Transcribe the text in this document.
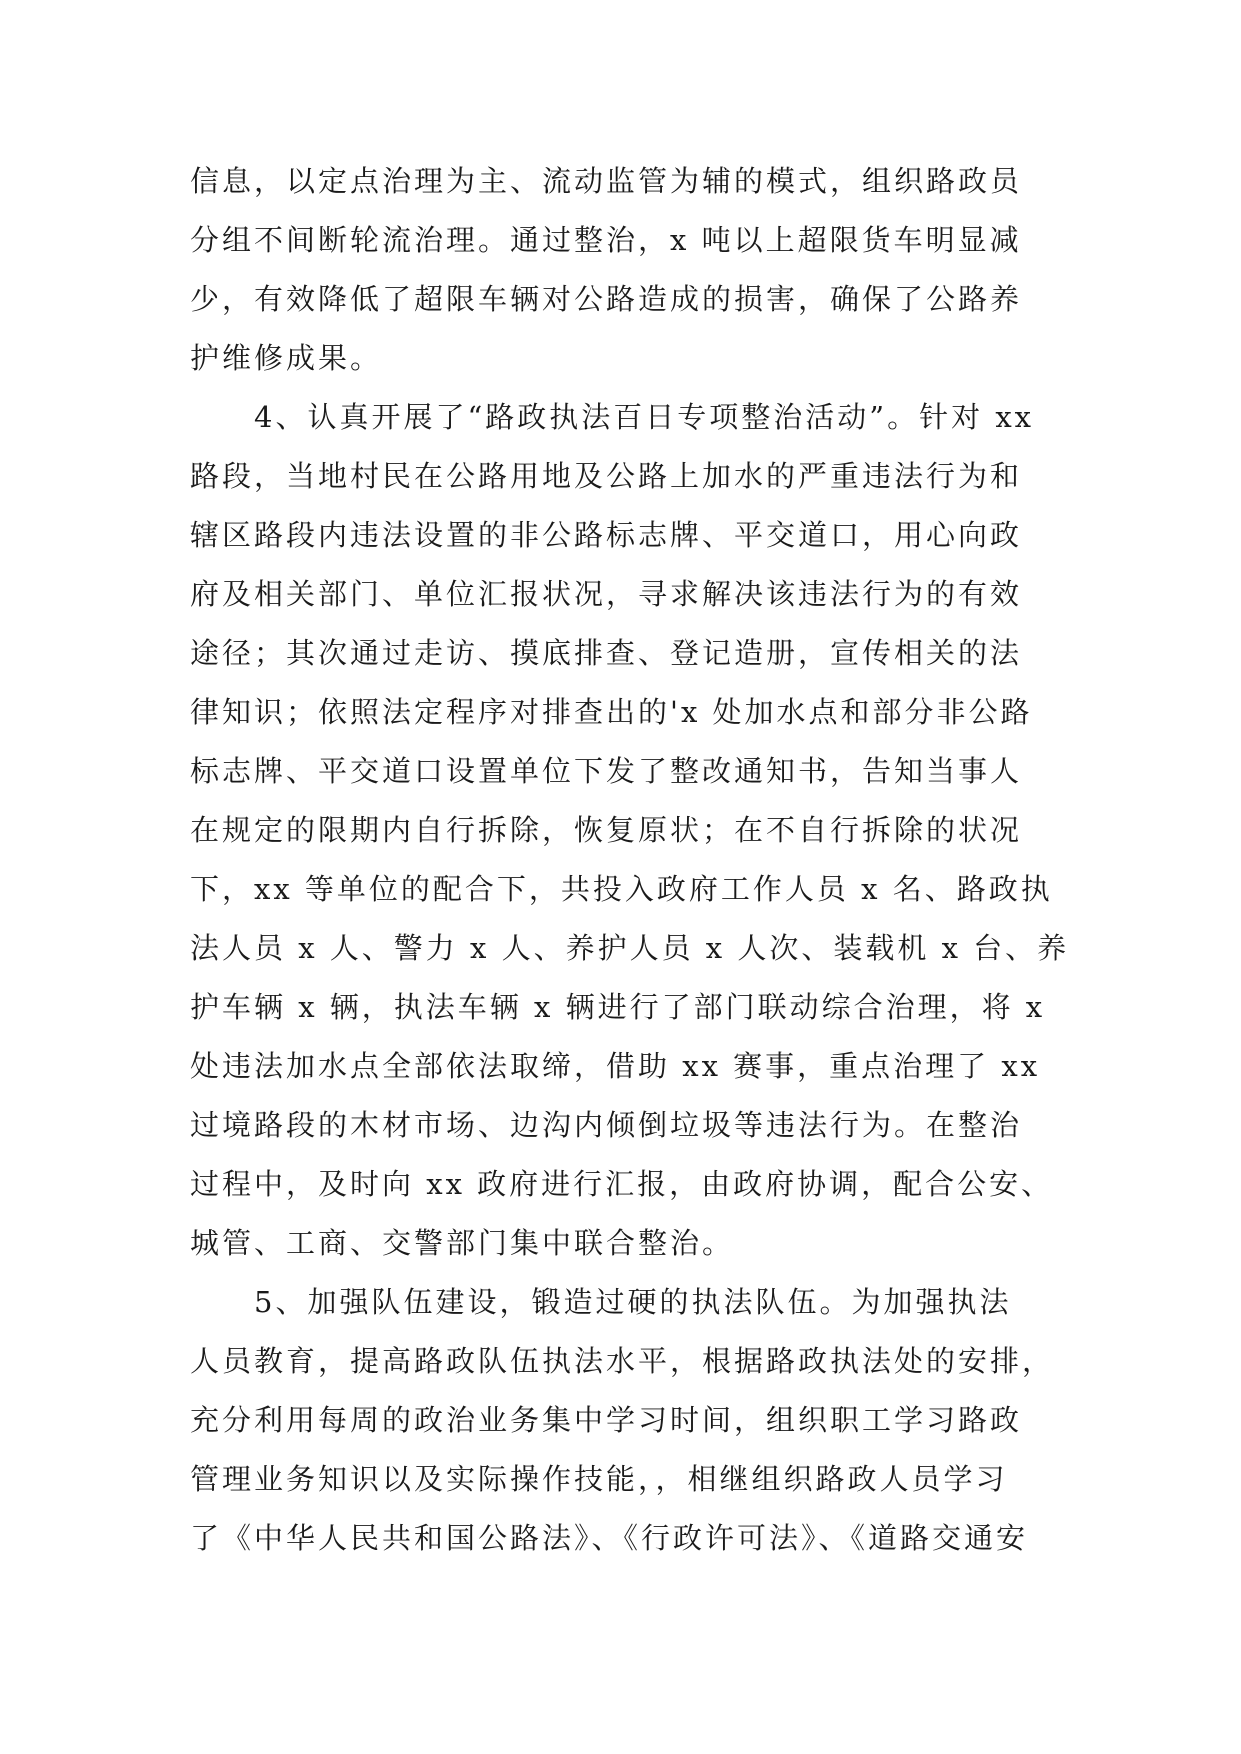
信息，以定点治理为主、流动监管为辅的模式，组织路政员
分组不间断轮流治理。通过整治，x 吨以上超限货车明显减
少，有效降低了超限车辆对公路造成的损害，确保了公路养
护维修成果。
　　4、认真开展了“路政执法百日专项整治活动”。针对 xx
路段，当地村民在公路用地及公路上加水的严重违法行为和
辖区路段内违法设置的非公路标志牌、平交道口，用心向政
府及相关部门、单位汇报状况，寻求解决该违法行为的有效
途径；其次通过走访、摸底排查、登记造册，宣传相关的法
律知识；依照法定程序对排查出的'x 处加水点和部分非公路
标志牌、平交道口设置单位下发了整改通知书，告知当事人
在规定的限期内自行拆除，恢复原状；在不自行拆除的状况
下，xx 等单位的配合下，共投入政府工作人员 x 名、路政执
法人员 x 人、警力 x 人、养护人员 x 人次、装载机 x 台、养
护车辆 x 辆，执法车辆 x 辆进行了部门联动综合治理，将 x
处违法加水点全部依法取缔，借助 xx 赛事，重点治理了 xx
过境路段的木材市场、边沟内倾倒垃圾等违法行为。在整治
过程中，及时向 xx 政府进行汇报，由政府协调，配合公安、
城管、工商、交警部门集中联合整治。
　　5、加强队伍建设，锻造过硬的执法队伍。为加强执法
人员教育，提高路政队伍执法水平，根据路政执法处的安排，
充分利用每周的政治业务集中学习时间，组织职工学习路政
管理业务知识以及实际操作技能，，相继组织路政人员学习
了《中华人民共和国公路法》、《行政许可法》、《道路交通安
